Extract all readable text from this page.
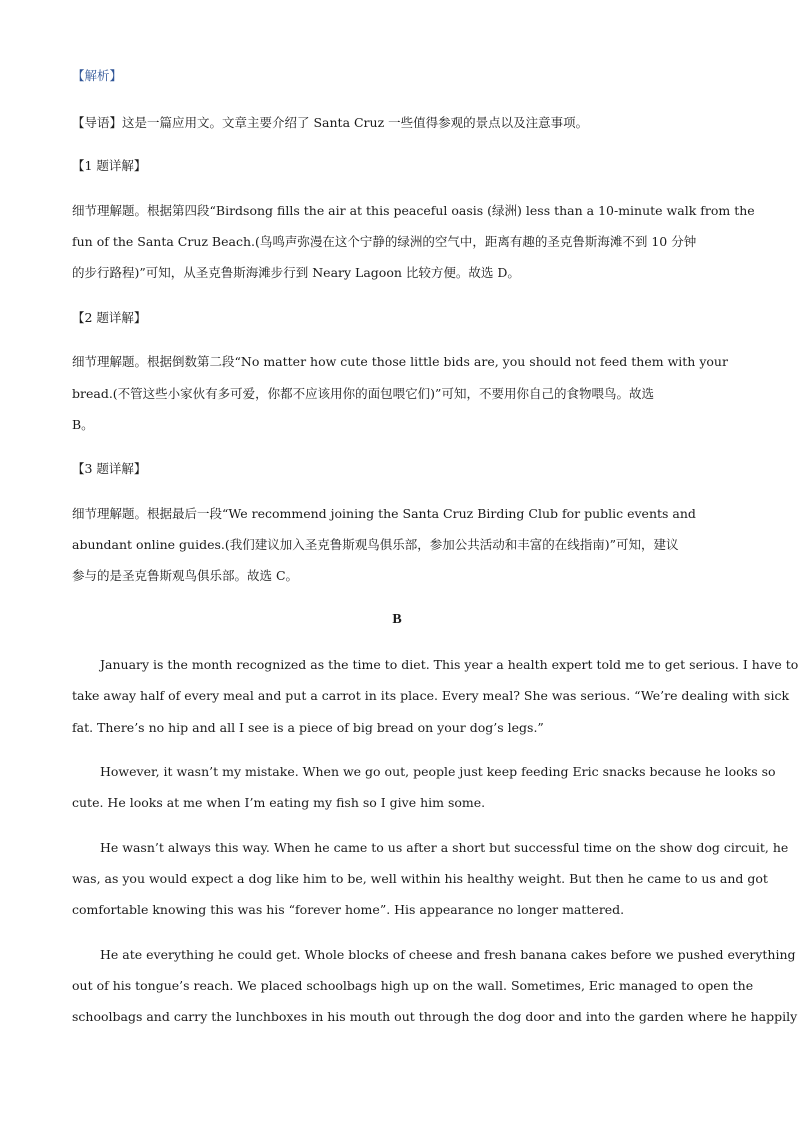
【解析】
【导语】这是一篇应用文。文章主要介绍了 Santa Cruz 一些值得参观的景点以及注意事项。
【1 题详解】
细节理解题。根据第四段“Birdsong fills the air at this peaceful oasis (绿洲) less than a 10-minute walk from the
fun of the Santa Cruz Beach.(鸟鸣声弥漫在这个宁静的绿洲的空气中，距离有趣的圣克鲁斯海滩不到 10 分钟
的步行路程)”可知，从圣克鲁斯海滩步行到 Neary Lagoon 比较方便。故选 D。
【2 题详解】
细节理解题。根据倒数第二段“No matter how cute those little bids are, you should not feed them with your
bread.(不管这些小家伙有多可爱，你都不应该用你的面包喂它们)”可知，不要用你自己的食物喂鸟。故选
B。
【3 题详解】
细节理解题。根据最后一段“We recommend joining the Santa Cruz Birding Club for public events and
abundant online guides.(我们建议加入圣克鲁斯观鸟俱乐部，参加公共活动和丰富的在线指南)”可知，建议
参与的是圣克鲁斯观鸟俱乐部。故选 C。
B
January is the month recognized as the time to diet. This year a health expert told me to get serious. I have to
take away half of every meal and put a carrot in its place. Every meal? She was serious. “We’re dealing with sick
fat. There’s no hip and all I see is a piece of big bread on your dog’s legs.”
However, it wasn’t my mistake. When we go out, people just keep feeding Eric snacks because he looks so
cute. He looks at me when I’m eating my fish so I give him some.
He wasn’t always this way. When he came to us after a short but successful time on the show dog circuit, he
was, as you would expect a dog like him to be, well within his healthy weight. But then he came to us and got
comfortable knowing this was his “forever home”. His appearance no longer mattered.
He ate everything he could get. Whole blocks of cheese and fresh banana cakes before we pushed everything
out of his tongue’s reach. We placed schoolbags high up on the wall. Sometimes, Eric managed to open the
schoolbags and carry the lunchboxes in his mouth out through the dog door and into the garden where he happily
